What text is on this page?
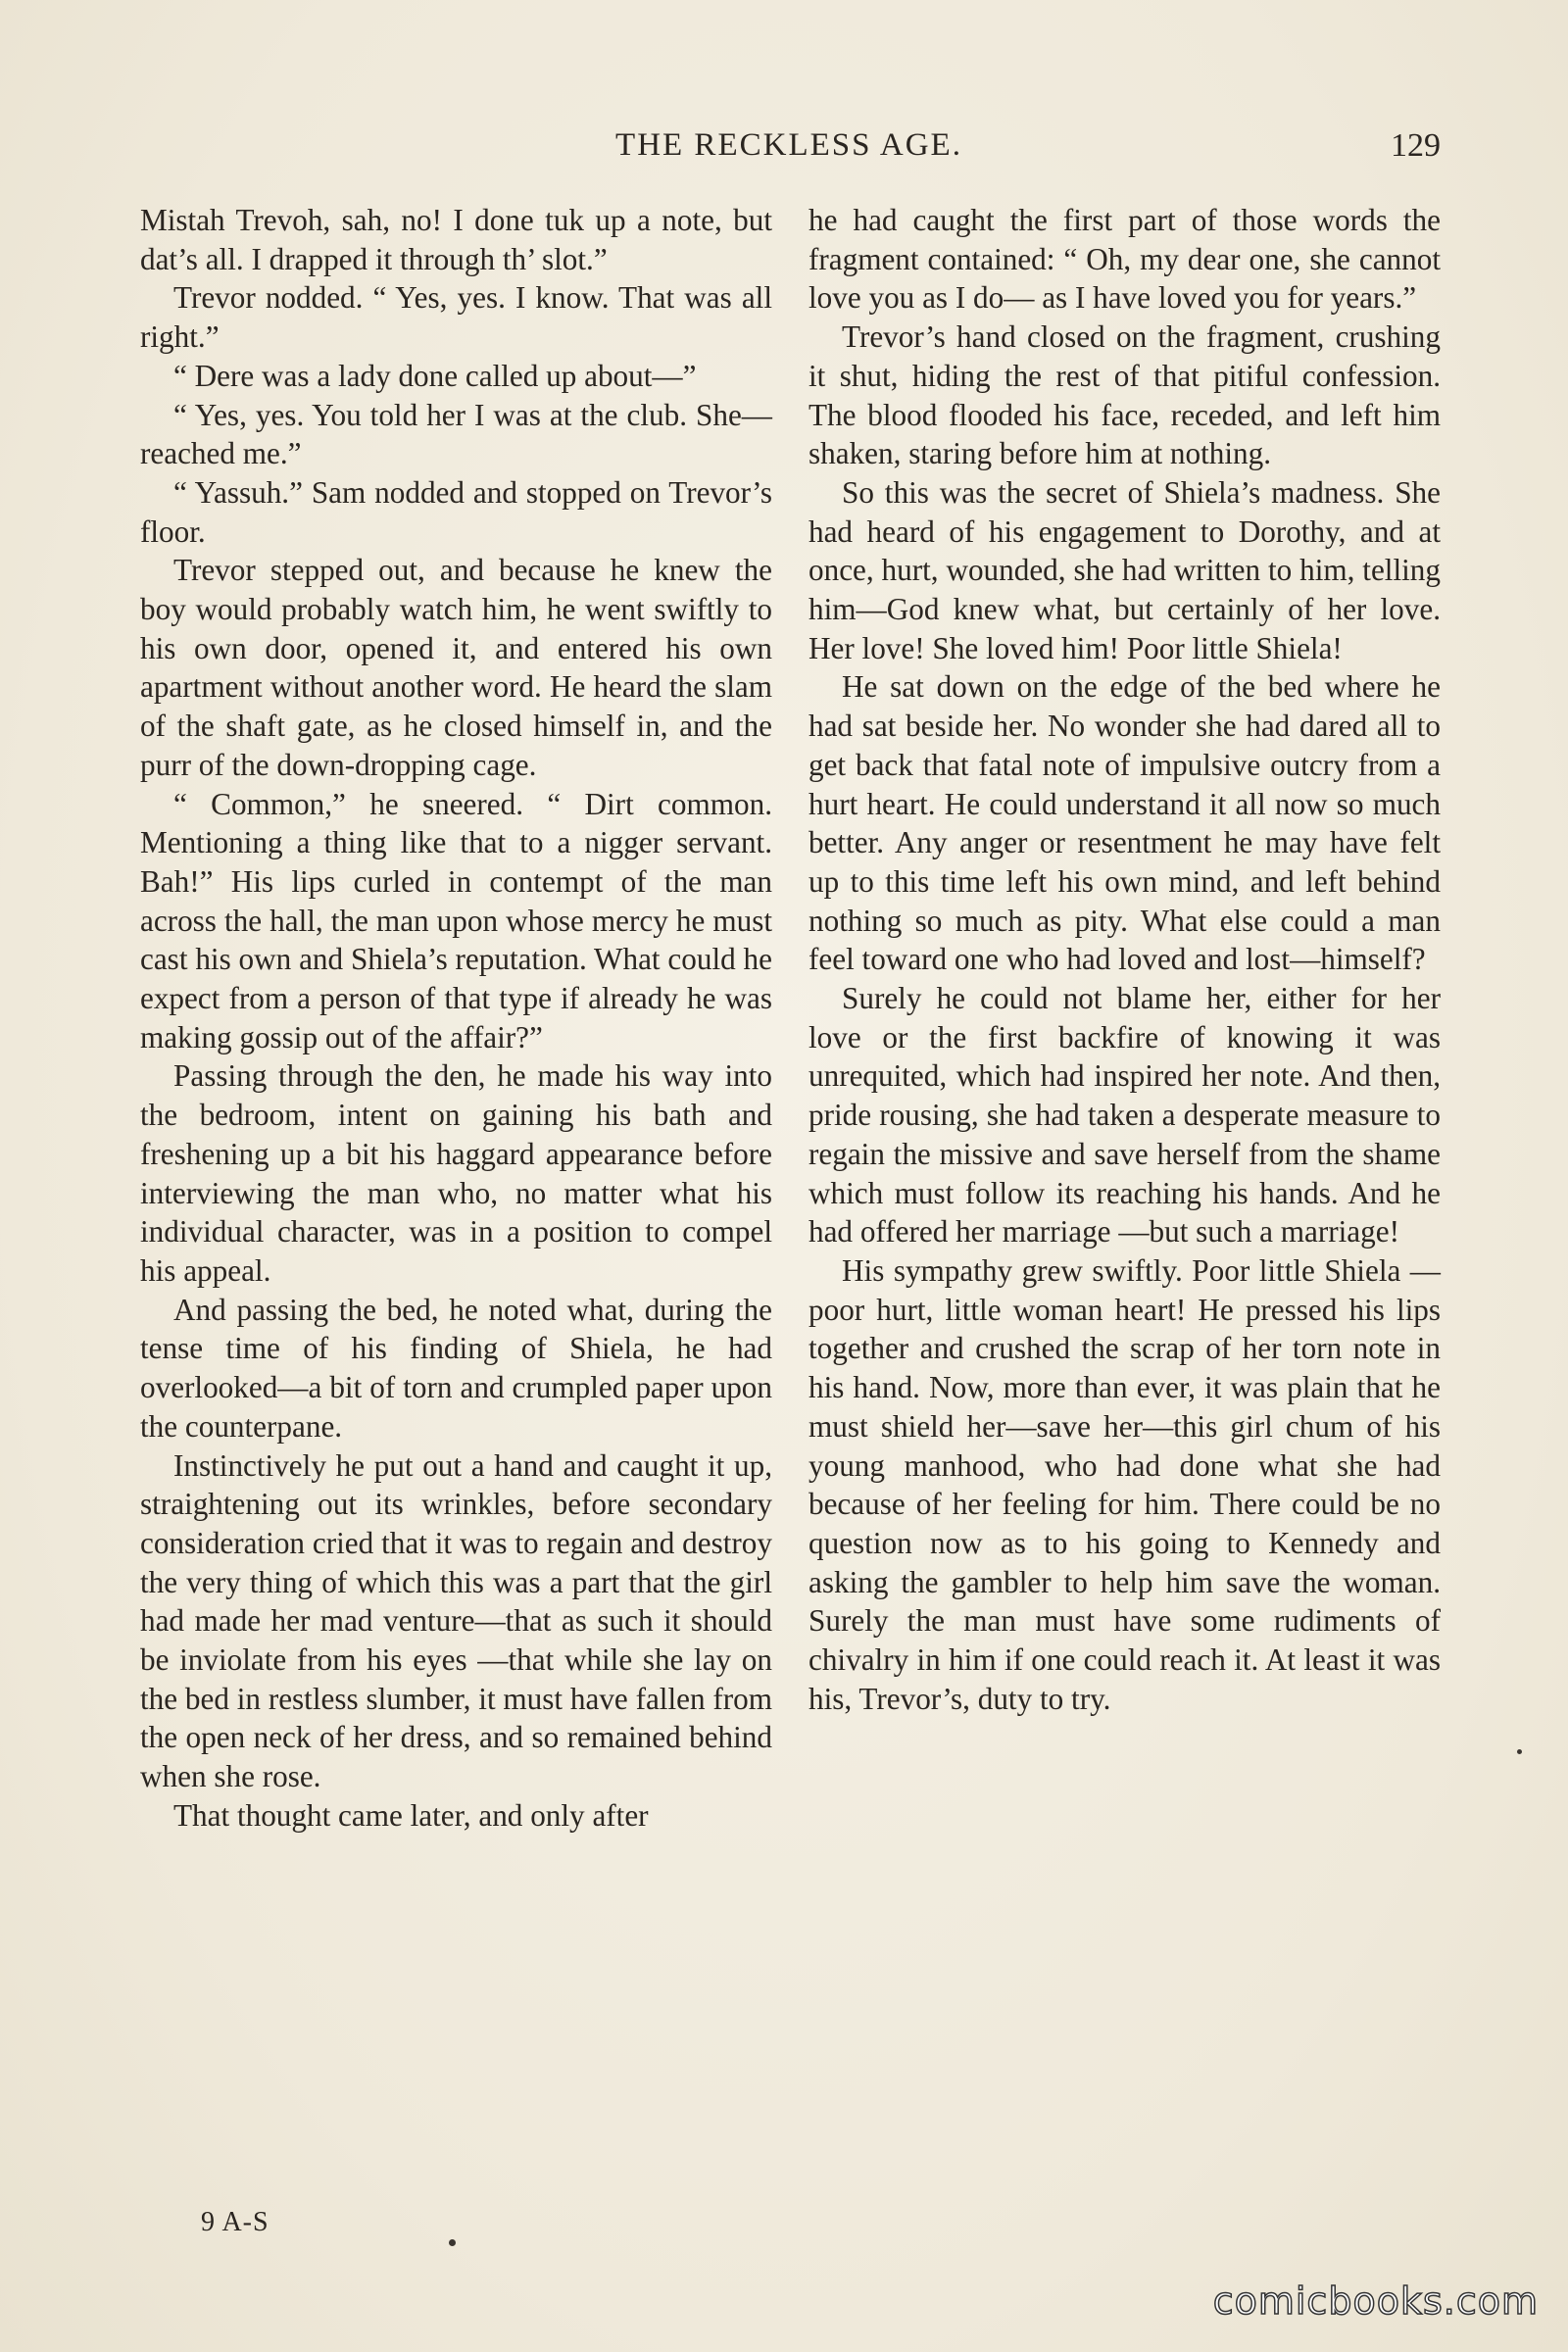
THE RECKLESS AGE.	129

Mistah Trevoh, sah, no! I done tuk up a note, but dat’s all. I drapped it through th’ slot.”

Trevor nodded. “ Yes, yes. I know. That was all right.”

“ Dere was a lady done called up about—”

“ Yes, yes. You told her I was at the club. She—reached me.”

“ Yassuh.” Sam nodded and stopped on Trevor’s floor.

Trevor stepped out, and because he knew the boy would probably watch him, he went swiftly to his own door, opened it, and entered his own apartment without another word. He heard the slam of the shaft gate, as he closed himself in, and the purr of the down-dropping cage.

“ Common,” he sneered. “ Dirt common. Mentioning a thing like that to a nigger servant. Bah!” His lips curled in contempt of the man across the hall, the man upon whose mercy he must cast his own and Shiela’s reputation. What could he expect from a person of that type if already he was making gossip out of the affair?”

Passing through the den, he made his way into the bedroom, intent on gaining his bath and freshening up a bit his haggard appearance before interviewing the man who, no matter what his individual character, was in a position to compel his appeal.

And passing the bed, he noted what, during the tense time of his finding of Shiela, he had overlooked—a bit of torn and crumpled paper upon the counterpane.

Instinctively he put out a hand and caught it up, straightening out its wrinkles, before secondary consideration cried that it was to regain and destroy the very thing of which this was a part that the girl had made her mad venture—that as such it should be inviolate from his eyes —that while she lay on the bed in restless slumber, it must have fallen from the open neck of her dress, and so remained behind when she rose.

That thought came later, and only after

he had caught the first part of those words the fragment contained: “ Oh, my dear one, she cannot love you as I do— as I have loved you for years.”

Trevor’s hand closed on the fragment, crushing it shut, hiding the rest of that pitiful confession. The blood flooded his face, receded, and left him shaken, staring before him at nothing.

So this was the secret of Shiela’s madness. She had heard of his engagement to Dorothy, and at once, hurt, wounded, she had written to him, telling him—God knew what, but certainly of her love. Her love! She loved him! Poor little Shiela!

He sat down on the edge of the bed where he had sat beside her. No wonder she had dared all to get back that fatal note of impulsive outcry from a hurt heart. He could understand it all now so much better. Any anger or resentment he may have felt up to this time left his own mind, and left behind nothing so much as pity. What else could a man feel toward one who had loved and lost—himself?

Surely he could not blame her, either for her love or the first backfire of knowing it was unrequited, which had inspired her note. And then, pride rousing, she had taken a desperate measure to regain the missive and save herself from the shame which must follow its reaching his hands. And he had offered her marriage —but such a marriage!

His sympathy grew swiftly. Poor little Shiela — poor hurt, little woman heart! He pressed his lips together and crushed the scrap of her torn note in his hand. Now, more than ever, it was plain that he must shield her—save her—this girl chum of his young manhood, who had done what she had because of her feeling for him. There could be no question now as to his going to Kennedy and asking the gambler to help him save the woman. Surely the man must have some rudiments of chivalry in him if one could reach it. At least it was his, Trevor’s, duty to try.

9 A-S
comicbooks.com
